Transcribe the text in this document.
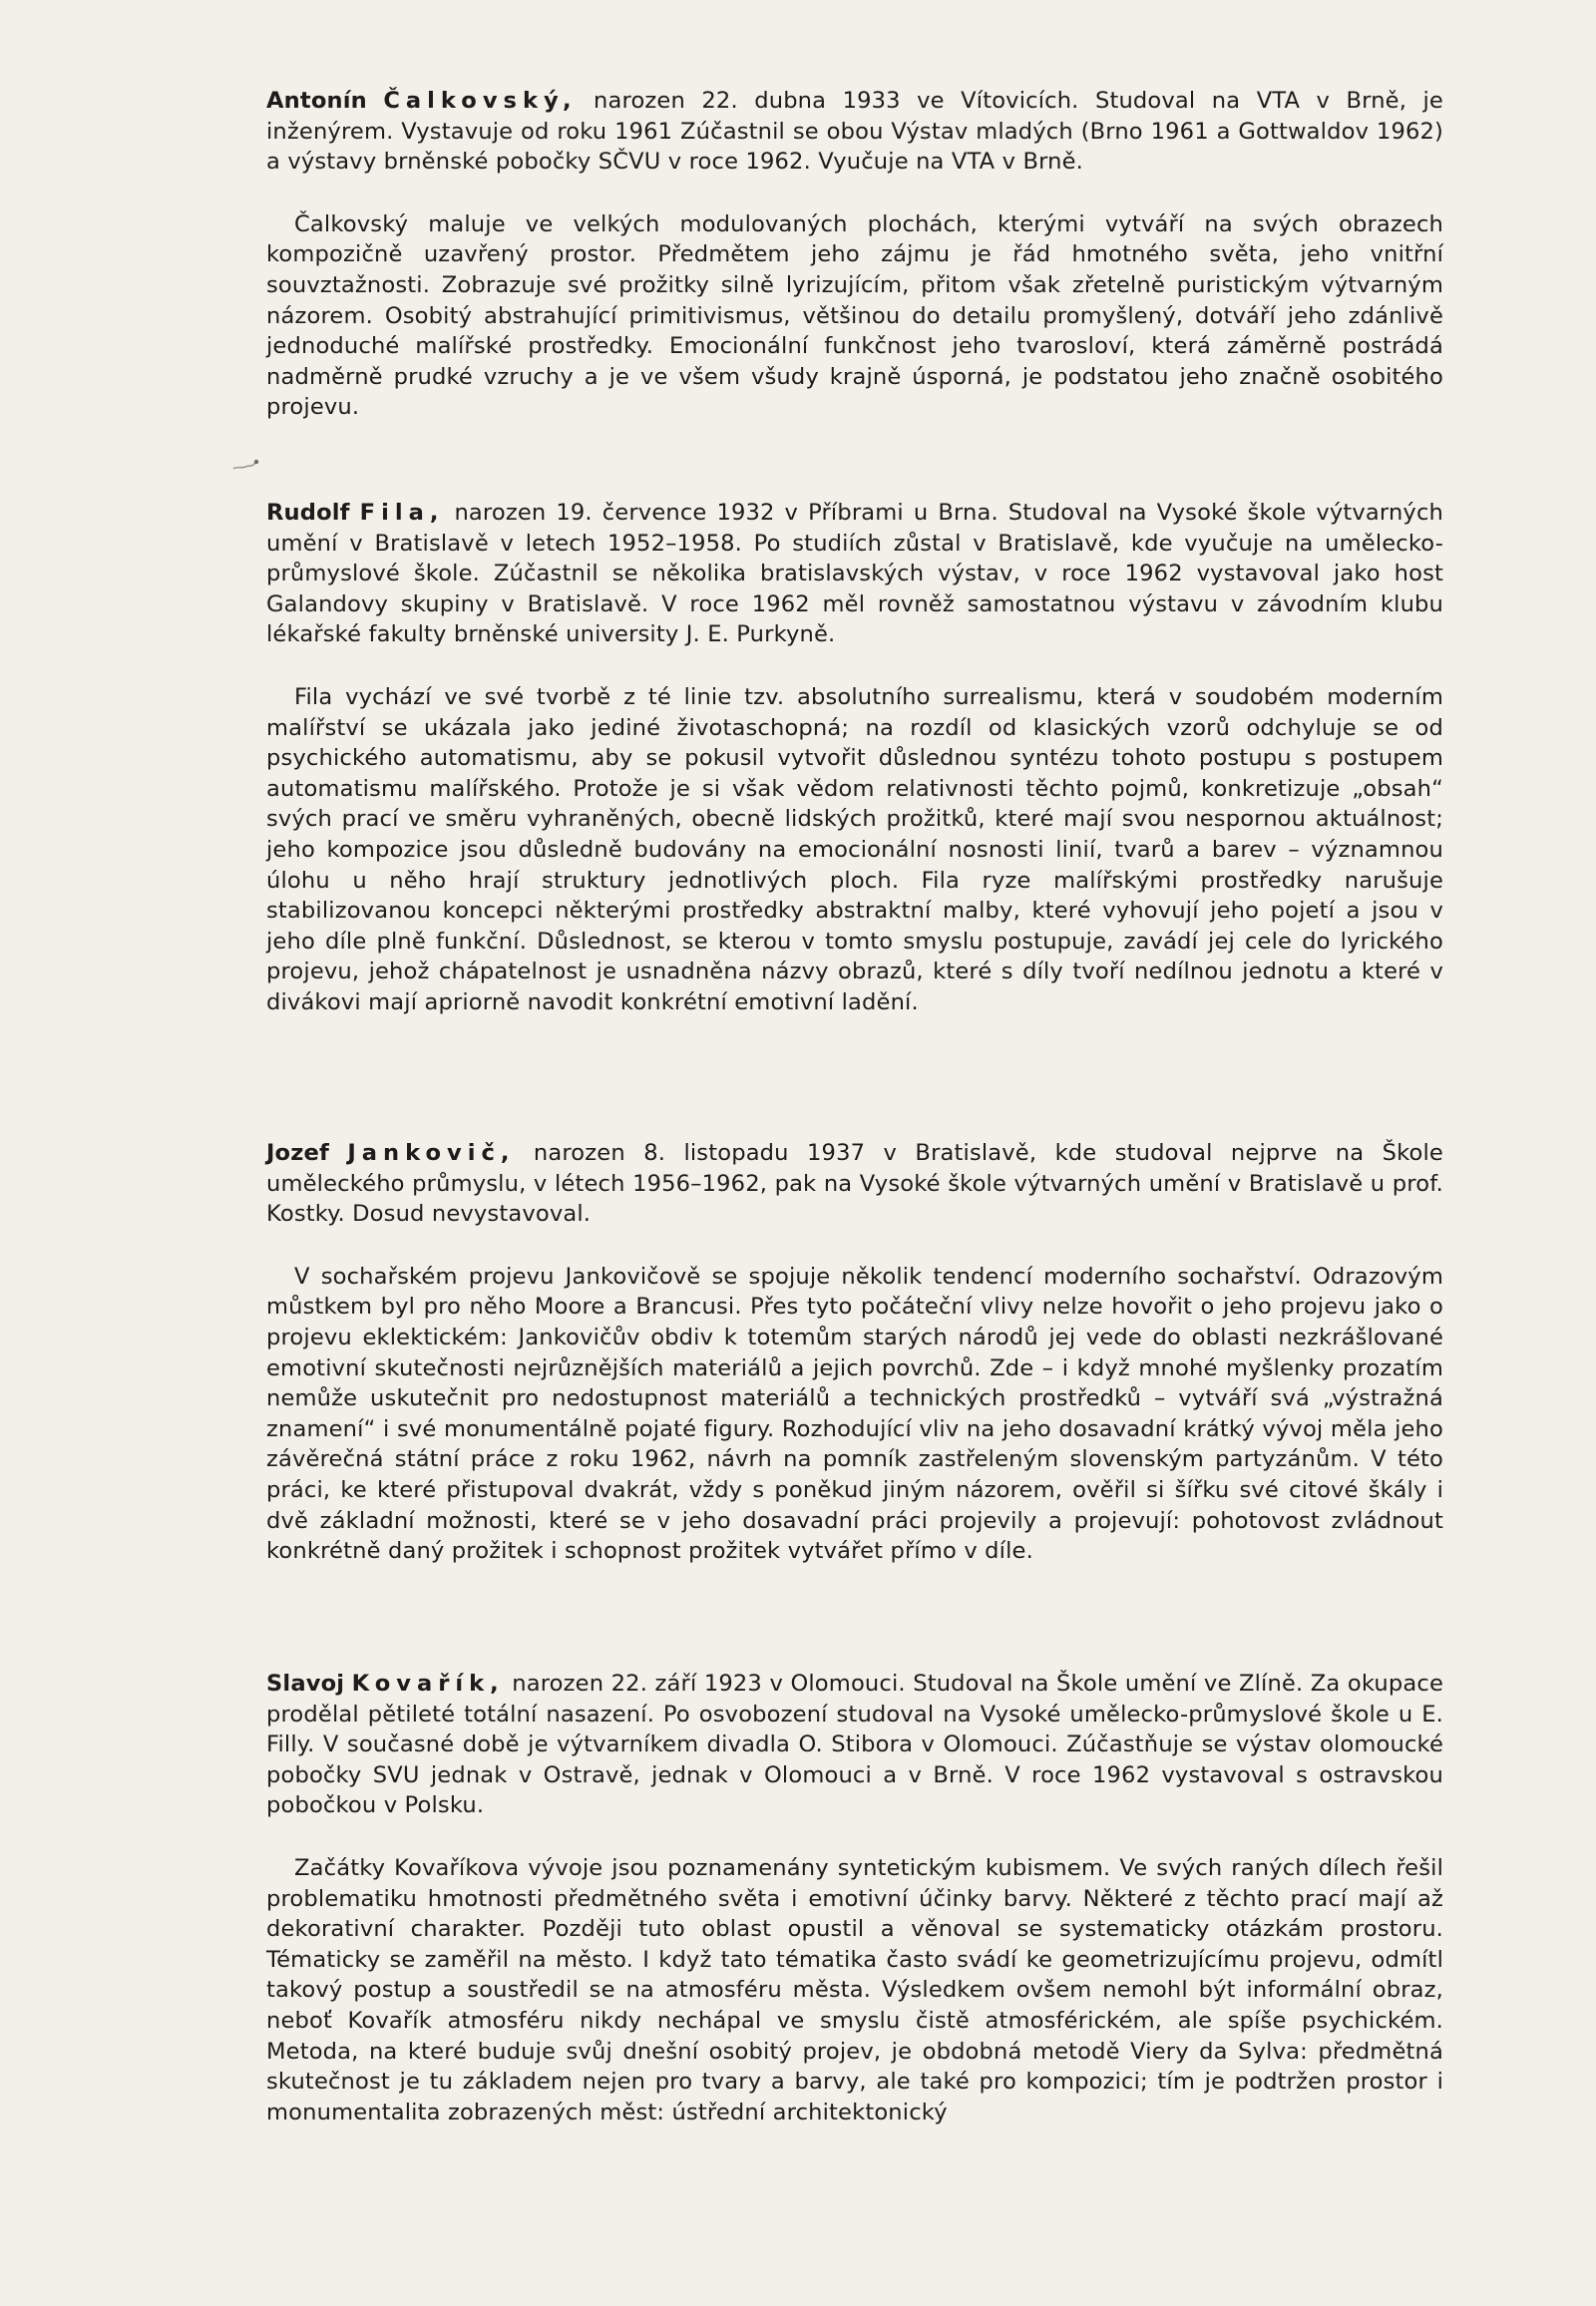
Antonín Čalkovský, narozen 22. dubna 1933 ve Vítovicích. Studoval na VTA v Brně, je inženýrem. Vystavuje od roku 1961 Zúčastnil se obou Výstav mladých (Brno 1961 a Gottwaldov 1962) a výstavy brněnské pobočky SČVU v roce 1962. Vyučuje na VTA v Brně.

Čalkovský maluje ve velkých modulovaných plochách, kterými vytváří na svých obrazech kompozičně uzavřený prostor. Předmětem jeho zájmu je řád hmotného světa, jeho vnitřní souvztažnosti. Zobrazuje své prožitky silně lyrizujícím, přitom však zřetelně puristickým výtvarným názorem. Osobitý abstrahující primitivismus, většinou do detailu promyšlený, dotváří jeho zdánlivě jednoduché malířské prostředky. Emocionální funkčnost jeho tvarosloví, která záměrně postrádá nadměrně prudké vzruchy a je ve všem všudy krajně úsporná, je podstatou jeho značně osobitého projevu.

Rudolf Fila, narozen 19. července 1932 v Příbrami u Brna. Studoval na Vysoké škole výtvarných umění v Bratislavě v letech 1952–1958. Po studiích zůstal v Bratislavě, kde vyučuje na umělecko-průmyslové škole. Zúčastnil se několika bratislavských výstav, v roce 1962 vystavoval jako host Galandovy skupiny v Bratislavě. V roce 1962 měl rovněž samostatnou výstavu v závodním klubu lékařské fakulty brněnské university J. E. Purkyně.

Fila vychází ve své tvorbě z té linie tzv. absolutního surrealismu, která v soudobém moderním malířství se ukázala jako jediné životaschopná; na rozdíl od klasických vzorů odchyluje se od psychického automatismu, aby se pokusil vytvořit důslednou syntézu tohoto postupu s postupem automatismu malířského. Protože je si však vědom relativnosti těchto pojmů, konkretizuje „obsah“ svých prací ve směru vyhraněných, obecně lidských prožitků, které mají svou nespornou aktuálnost; jeho kompozice jsou důsledně budovány na emocionální nosnosti linií, tvarů a barev – významnou úlohu u něho hrají struktury jednotlivých ploch. Fila ryze malířskými prostředky narušuje stabilizovanou koncepci některými prostředky abstraktní malby, které vyhovují jeho pojetí a jsou v jeho díle plně funkční. Důslednost, se kterou v tomto smyslu postupuje, zavádí jej cele do lyrického projevu, jehož chápatelnost je usnadněna názvy obrazů, které s díly tvoří nedílnou jednotu a které v divákovi mají apriorně navodit konkrétní emotivní ladění.

Jozef Jankovič, narozen 8. listopadu 1937 v Bratislavě, kde studoval nejprve na Škole uměleckého průmyslu, v létech 1956–1962, pak na Vysoké škole výtvarných umění v Bratislavě u prof. Kostky. Dosud nevystavoval.

V sochařském projevu Jankovičově se spojuje několik tendencí moderního sochařství. Odrazovým můstkem byl pro něho Moore a Brancusi. Přes tyto počáteční vlivy nelze hovořit o jeho projevu jako o projevu eklektickém: Jankovičův obdiv k totemům starých národů jej vede do oblasti nezkrášlované emotivní skutečnosti nejrůznějších materiálů a jejich povrchů. Zde – i když mnohé myšlenky prozatím nemůže uskutečnit pro nedostupnost materiálů a technických prostředků – vytváří svá „výstražná znamení“ i své monumentálně pojaté figury. Rozhodující vliv na jeho dosavadní krátký vývoj měla jeho závěrečná státní práce z roku 1962, návrh na pomník zastřeleným slovenským partyzánům. V této práci, ke které přistupoval dvakrát, vždy s poněkud jiným názorem, ověřil si šířku své citové škály i dvě základní možnosti, které se v jeho dosavadní práci projevily a projevují: pohotovost zvládnout konkrétně daný prožitek i schopnost prožitek vytvářet přímo v díle.

Slavoj Kovařík, narozen 22. září 1923 v Olomouci. Studoval na Škole umění ve Zlíně. Za okupace prodělal pětileté totální nasazení. Po osvobození studoval na Vysoké umělecko-průmyslové škole u E. Filly. V současné době je výtvarníkem divadla O. Stibora v Olomouci. Zúčastňuje se výstav olomoucké pobočky SVU jednak v Ostravě, jednak v Olomouci a v Brně. V roce 1962 vystavoval s ostravskou pobočkou v Polsku.

Začátky Kovaříkova vývoje jsou poznamenány syntetickým kubismem. Ve svých raných dílech řešil problematiku hmotnosti předmětného světa i emotivní účinky barvy. Některé z těchto prací mají až dekorativní charakter. Později tuto oblast opustil a věnoval se systematicky otázkám prostoru. Tématicky se zaměřil na město. I když tato tématika často svádí ke geometrizujícímu projevu, odmítl takový postup a soustředil se na atmosféru města. Výsledkem ovšem nemohl být informální obraz, neboť Kovařík atmosféru nikdy nechápal ve smyslu čistě atmosférickém, ale spíše psychickém. Metoda, na které buduje svůj dnešní osobitý projev, je obdobná metodě Viery da Sylva: předmětná skutečnost je tu základem nejen pro tvary a barvy, ale také pro kompozici; tím je podtržen prostor i monumentalita zobrazených měst: ústřední architektonický
